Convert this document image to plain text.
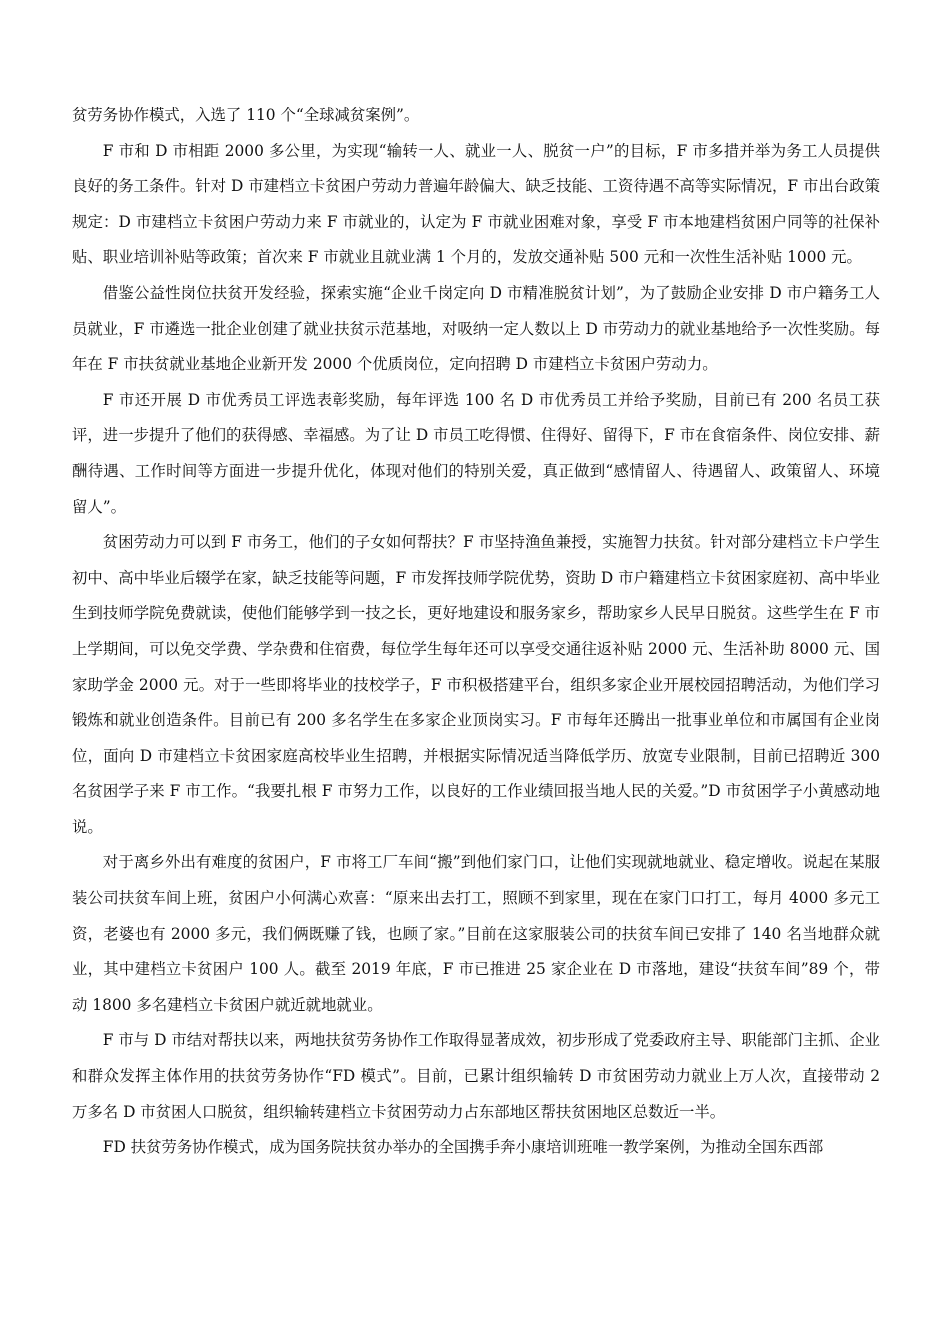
贫劳务协作模式，入选了 110 个“全球减贫案例”。

F 市和 D 市相距 2000 多公里，为实现“输转一人、就业一人、脱贫一户”的目标，F 市多措并举为务工人员提供良好的务工条件。针对 D 市建档立卡贫困户劳动力普遍年龄偏大、缺乏技能、工资待遇不高等实际情况，F 市出台政策规定：D 市建档立卡贫困户劳动力来 F 市就业的，认定为 F 市就业困难对象，享受 F 市本地建档贫困户同等的社保补贴、职业培训补贴等政策；首次来 F 市就业且就业满 1 个月的，发放交通补贴 500 元和一次性生活补贴 1000 元。

借鉴公益性岗位扶贫开发经验，探索实施“企业千岗定向 D 市精准脱贫计划”，为了鼓励企业安排 D 市户籍务工人员就业，F 市遴选一批企业创建了就业扶贫示范基地，对吸纳一定人数以上 D 市劳动力的就业基地给予一次性奖励。每年在 F 市扶贫就业基地企业新开发 2000 个优质岗位，定向招聘 D 市建档立卡贫困户劳动力。

F 市还开展 D 市优秀员工评选表彰奖励，每年评选 100 名 D 市优秀员工并给予奖励，目前已有 200 名员工获评，进一步提升了他们的获得感、幸福感。为了让 D 市员工吃得惯、住得好、留得下，F 市在食宿条件、岗位安排、薪酬待遇、工作时间等方面进一步提升优化，体现对他们的特别关爱，真正做到“感情留人、待遇留人、政策留人、环境留人”。

贫困劳动力可以到 F 市务工，他们的子女如何帮扶？F 市坚持渔鱼兼授，实施智力扶贫。针对部分建档立卡户学生初中、高中毕业后辍学在家，缺乏技能等问题，F 市发挥技师学院优势，资助 D 市户籍建档立卡贫困家庭初、高中毕业生到技师学院免费就读，使他们能够学到一技之长，更好地建设和服务家乡，帮助家乡人民早日脱贫。这些学生在 F 市上学期间，可以免交学费、学杂费和住宿费，每位学生每年还可以享受交通往返补贴 2000 元、生活补助 8000 元、国家助学金 2000 元。对于一些即将毕业的技校学子，F 市积极搭建平台，组织多家企业开展校园招聘活动，为他们学习锻炼和就业创造条件。目前已有 200 多名学生在多家企业顶岗实习。F 市每年还腾出一批事业单位和市属国有企业岗位，面向 D 市建档立卡贫困家庭高校毕业生招聘，并根据实际情况适当降低学历、放宽专业限制，目前已招聘近 300 名贫困学子来 F 市工作。“我要扎根 F 市努力工作，以良好的工作业绩回报当地人民的关爱。”D 市贫困学子小黄感动地说。

对于离乡外出有难度的贫困户，F 市将工厂车间“搬”到他们家门口，让他们实现就地就业、稳定增收。说起在某服装公司扶贫车间上班，贫困户小何满心欢喜：“原来出去打工，照顾不到家里，现在在家门口打工，每月 4000 多元工资，老婆也有 2000 多元，我们俩既赚了钱，也顾了家。”目前在这家服装公司的扶贫车间已安排了 140 名当地群众就业，其中建档立卡贫困户 100 人。截至 2019 年底，F 市已推进 25 家企业在 D 市落地，建设“扶贫车间”89 个，带动 1800 多名建档立卡贫困户就近就地就业。

F 市与 D 市结对帮扶以来，两地扶贫劳务协作工作取得显著成效，初步形成了党委政府主导、职能部门主抓、企业和群众发挥主体作用的扶贫劳务协作“FD 模式”。目前，已累计组织输转 D 市贫困劳动力就业上万人次，直接带动 2 万多名 D 市贫困人口脱贫，组织输转建档立卡贫困劳动力占东部地区帮扶贫困地区总数近一半。

FD 扶贫劳务协作模式，成为国务院扶贫办举办的全国携手奔小康培训班唯一教学案例，为推动全国东西部
